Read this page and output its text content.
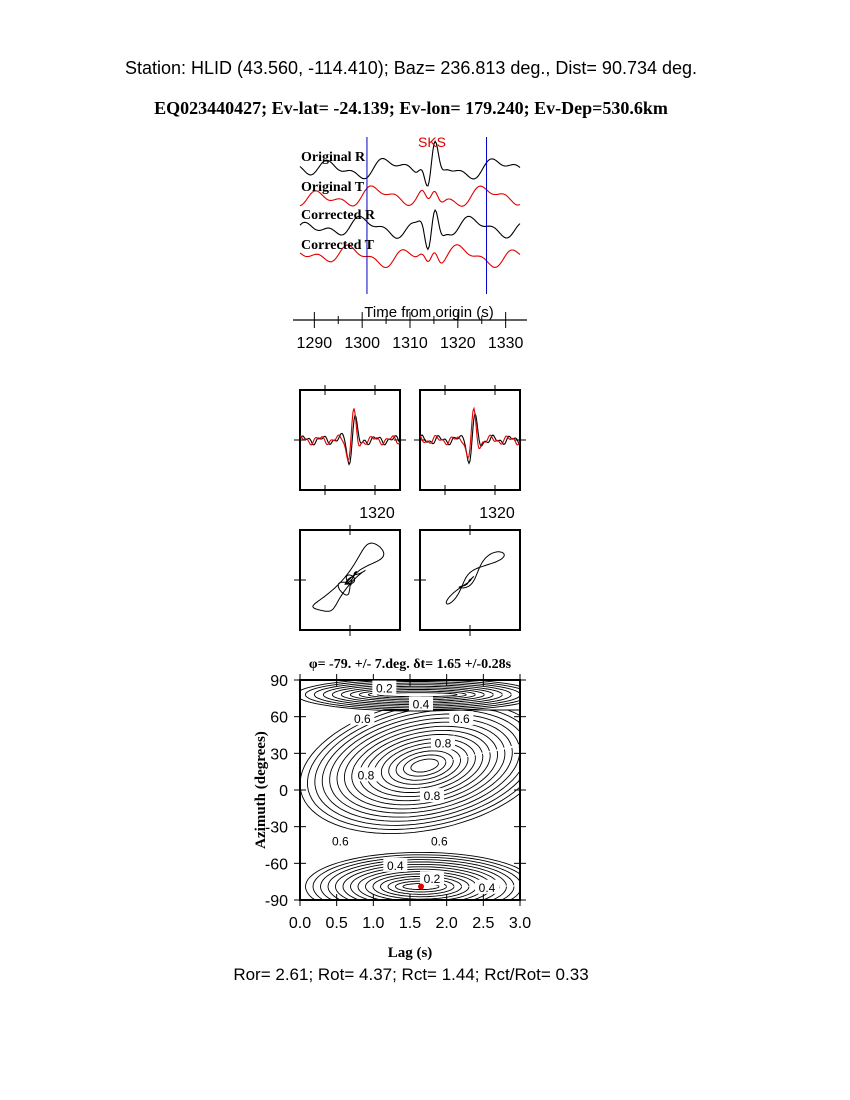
Station: HLID (43.560, -114.410); Baz= 236.813 deg., Dist= 90.734 deg.
EQ023440427; Ev-lat= -24.139; Ev-lon= 179.240; Ev-Dep=530.6km
SKS
Original R
Original T
Corrected R
Corrected T
Time from origin (s)
1290 1300 1310 1320 1330
1320	1320
φ= -79. +/- 7.deg. δt= 1.65 +/-0.28s
0.0 0.5 1.0 1.5 2.0 2.5 3.0
90
60
30
0
-30
-60
-90
0.2
0.4
0.6	0.6
0.8
0.8
0.8
0.6	0.6
0.4
0.2
0.4
Lag (s)
Azimuth (degrees)
Ror= 2.61; Rot= 4.37; Rct= 1.44; Rct/Rot= 0.33
